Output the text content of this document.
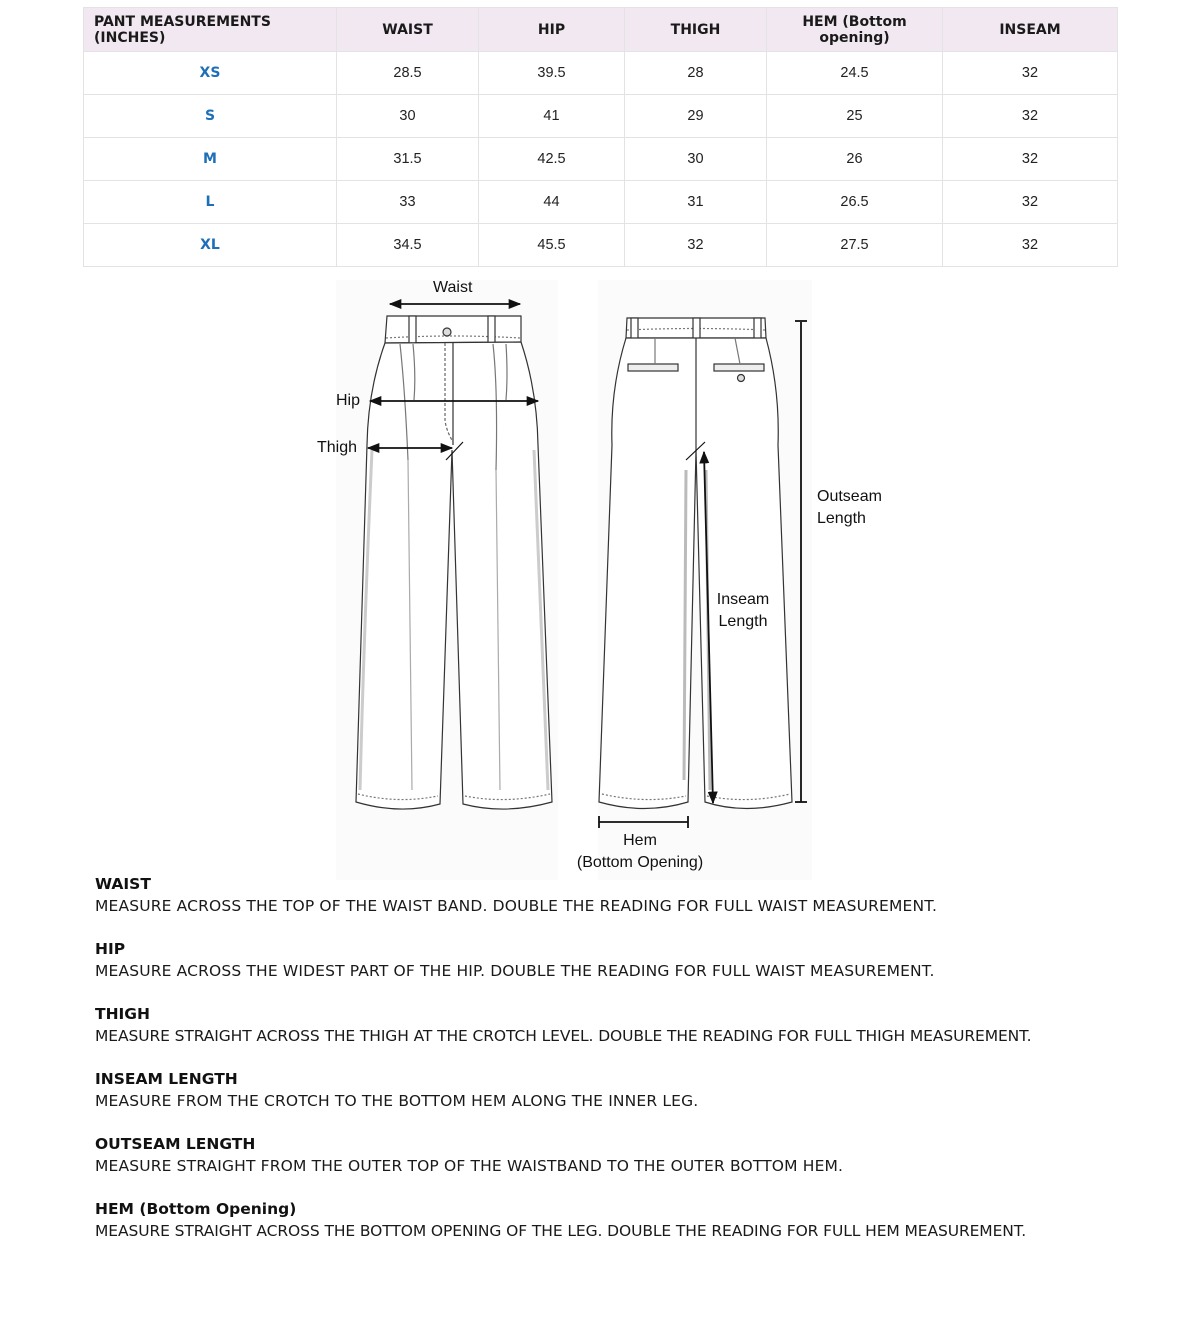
PANT MEASUREMENTS (INCHES)	WAIST	HIP	THIGH	HEM (Bottom opening)	INSEAM
XS	28.5	39.5	28	24.5	32
S	30	41	29	25	32
M	31.5	42.5	30	26	32
L	33	44	31	26.5	32
XL	34.5	45.5	32	27.5	32
Waist
Hip
Thigh
Outseam
Length
Inseam
Length
Hem
(Bottom Opening)
WAIST
MEASURE ACROSS THE TOP OF THE WAIST BAND. DOUBLE THE READING FOR FULL WAIST MEASUREMENT.
HIP
MEASURE ACROSS THE WIDEST PART OF THE HIP. DOUBLE THE READING FOR FULL WAIST MEASUREMENT.
THIGH
MEASURE STRAIGHT ACROSS THE THIGH AT THE CROTCH LEVEL. DOUBLE THE READING FOR FULL THIGH MEASUREMENT.
INSEAM LENGTH
MEASURE FROM THE CROTCH TO THE BOTTOM HEM ALONG THE INNER LEG.
OUTSEAM LENGTH
MEASURE STRAIGHT FROM THE OUTER TOP OF THE WAISTBAND TO THE OUTER BOTTOM HEM.
HEM (Bottom Opening)
MEASURE STRAIGHT ACROSS THE BOTTOM OPENING OF THE LEG. DOUBLE THE READING FOR FULL HEM MEASUREMENT.
